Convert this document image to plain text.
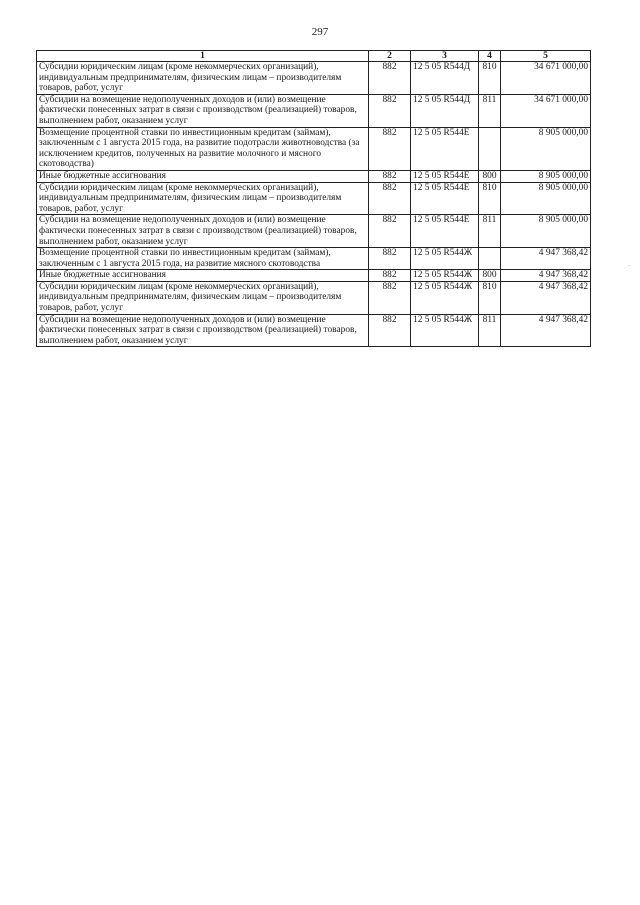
297
1	2	3	4	5
Субсидии юридическим лицам (кроме некоммерческих организаций), индивидуальным предпринимателям, физическим лицам – производителям товаров, работ, услуг	882	12 5 05 R544Д	810	34 671 000,00
Субсидии на возмещение недополученных доходов и (или) возмещение фактически понесенных затрат в связи с производством (реализацией) товаров, выполнением работ, оказанием услуг	882	12 5 05 R544Д	811	34 671 000,00
Возмещение процентной ставки по инвестиционным кредитам (займам), заключенным с 1 августа 2015 года, на развитие подотрасли животноводства (за исключением кредитов, полученных на развитие молочного и мясного скотоводства)	882	12 5 05 R544Е		8 905 000,00
Иные бюджетные ассигнования	882	12 5 05 R544Е	800	8 905 000,00
Субсидии юридическим лицам (кроме некоммерческих организаций), индивидуальным предпринимателям, физическим лицам – производителям товаров, работ, услуг	882	12 5 05 R544Е	810	8 905 000,00
Субсидии на возмещение недополученных доходов и (или) возмещение фактически понесенных затрат в связи с производством (реализацией) товаров, выполнением работ, оказанием услуг	882	12 5 05 R544Е	811	8 905 000,00
Возмещение процентной ставки по инвестиционным кредитам (займам), заключенным с 1 августа 2015 года, на развитие мясного скотоводства	882	12 5 05 R544Ж		4 947 368,42
Иные бюджетные ассигнования	882	12 5 05 R544Ж	800	4 947 368,42
Субсидии юридическим лицам (кроме некоммерческих организаций), индивидуальным предпринимателям, физическим лицам – производителям товаров, работ, услуг	882	12 5 05 R544Ж	810	4 947 368,42
Субсидии на возмещение недополученных доходов и (или) возмещение фактически понесенных затрат в связи с производством (реализацией) товаров, выполнением работ, оказанием услуг	882	12 5 05 R544Ж	811	4 947 368,42
·
